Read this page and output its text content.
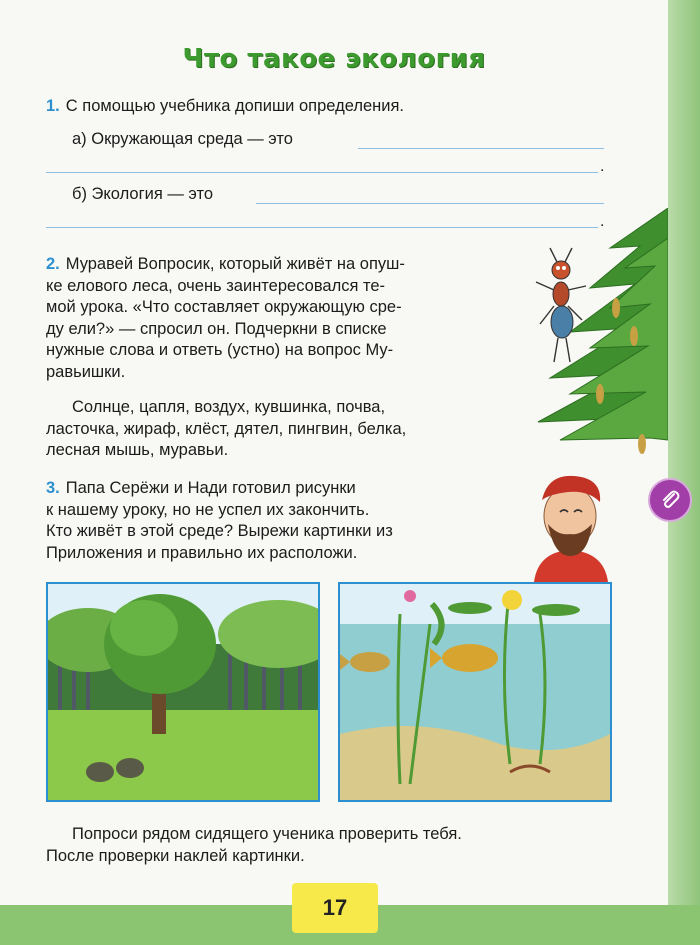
Что такое экология
1. С помощью учебника допиши определения.
а) Окружающая среда — это
.
б) Экология — это
.
2. Муравей Вопросик, который живёт на опуш-
ке елового леса, очень заинтересовался те-
мой урока. «Что составляет окружающую сре-
ду ели?» — спросил он. Подчеркни в списке
нужные слова и ответь (устно) на вопрос Му-
равьишки.
Солнце, цапля, воздух, кувшинка, почва,
ласточка, жираф, клёст, дятел, пингвин, белка,
лесная мышь, муравьи.
3. Папа Серёжи и Нади готовил рисунки
к нашему уроку, но не успел их закончить.
Кто живёт в этой среде? Вырежи картинки из
Приложения и правильно их расположи.
Попроси рядом сидящего ученика проверить тебя.
После проверки наклей картинки.
17
